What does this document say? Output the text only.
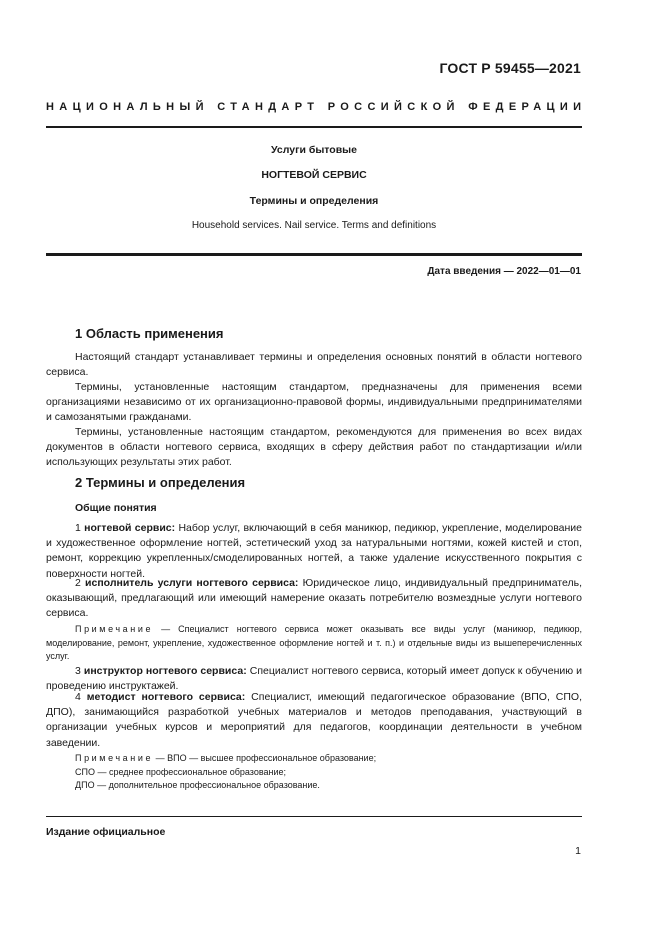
ГОСТ Р 59455—2021
НАЦИОНАЛЬНЫЙ СТАНДАРТ РОССИЙСКОЙ ФЕДЕРАЦИИ
Услуги бытовые
НОГТЕВОЙ СЕРВИС
Термины и определения
Household services. Nail service. Terms and definitions
Дата введения — 2022—01—01
1 Область применения

Настоящий стандарт устанавливает термины и определения основных понятий в области ногтевого сервиса.

Термины, установленные настоящим стандартом, предназначены для применения всеми организациями независимо от их организационно-правовой формы, индивидуальными предпринимателями и самозанятыми гражданами.

Термины, установленные настоящим стандартом, рекомендуются для применения во всех видах документов в области ногтевого сервиса, входящих в сферу действия работ по стандартизации и/или использующих результаты этих работ.

2 Термины и определения
Общие понятия

1 ногтевой сервис: Набор услуг, включающий в себя маникюр, педикюр, укрепление, моделирование и художественное оформление ногтей, эстетический уход за натуральными ногтями, кожей кистей и стоп, ремонт, коррекцию укрепленных/смоделированных ногтей, а также удаление искусственного покрытия с поверхности ногтей.

2 исполнитель услуги ногтевого сервиса: Юридическое лицо, индивидуальный предприниматель, оказывающий, предлагающий или имеющий намерение оказать потребителю возмездные услуги ногтевого сервиса.

Примечание — Специалист ногтевого сервиса может оказывать все виды услуг (маникюр, педикюр, моделирование, ремонт, укрепление, художественное оформление ногтей и т. п.) и отдельные виды из вышеперечисленных услуг.

3 инструктор ногтевого сервиса: Специалист ногтевого сервиса, который имеет допуск к обучению и проведению инструктажей.

4 методист ногтевого сервиса: Специалист, имеющий педагогическое образование (ВПО, СПО, ДПО), занимающийся разработкой учебных материалов и методов преподавания, участвующий в организации учебных курсов и мероприятий для педагогов, координации деятельности в учебном заведении.

Примечание — ВПО — высшее профессиональное образование;
СПО — среднее профессиональное образование;
ДПО — дополнительное профессиональное образование.
Издание официальное
1
